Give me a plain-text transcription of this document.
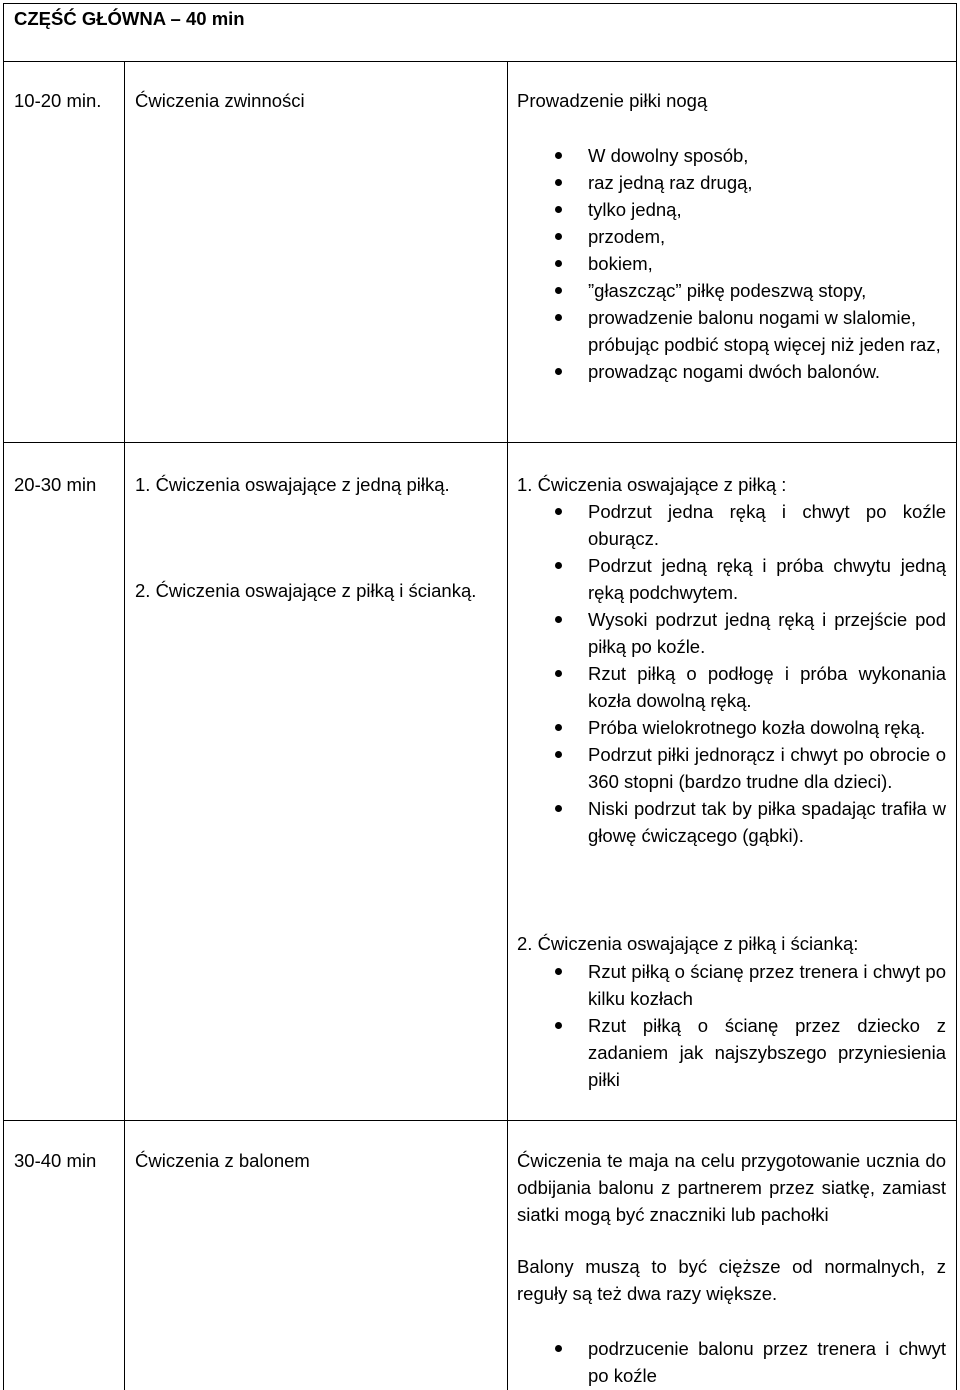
CZĘŚĆ GŁÓWNA – 40 min
10-20 min. Ćwiczenia zwinności	Prowadzenie piłki nogą
W dowolny sposób,
raz jedną raz drugą,
tylko jedną,
przodem,
bokiem,
”głaszcząc” piłkę podeszwą stopy,
prowadzenie balonu nogami w slalomie, próbując podbić stopą więcej niż jeden raz,
prowadząc nogami dwóch balonów.
20-30 min 1. Ćwiczenia oswajające z jedną piłką.
2. Ćwiczenia oswajające z piłką i ścianką.
1. Ćwiczenia oswajające z piłką :
Podrzut jedna ręką i chwyt po koźle oburącz.
Podrzut jedną ręką i próba chwytu jedną ręką podchwytem.
Wysoki podrzut jedną ręką i przejście pod piłką po koźle.
Rzut piłką o podłogę i próba wykonania kozła dowolną ręką.
Próba wielokrotnego kozła dowolną ręką.
Podrzut piłki jednorącz i chwyt po obrocie o 360 stopni (bardzo trudne dla dzieci).
Niski podrzut tak by piłka spadając trafiła w głowę ćwiczącego (gąbki).
2. Ćwiczenia oswajające z piłką i ścianką:
Rzut piłką o ścianę przez trenera i chwyt po kilku kozłach
Rzut piłką o ścianę przez dziecko z zadaniem jak najszybszego przyniesienia piłki
30-40 min Ćwiczenia z balonem	Ćwiczenia te maja na celu przygotowanie ucznia do odbijania balonu z partnerem przez siatkę, zamiast siatki mogą być znaczniki lub pachołki
Balony muszą to być cięższe od normalnych, z reguły są też dwa razy większe.
podrzucenie balonu przez trenera i chwyt po koźle
